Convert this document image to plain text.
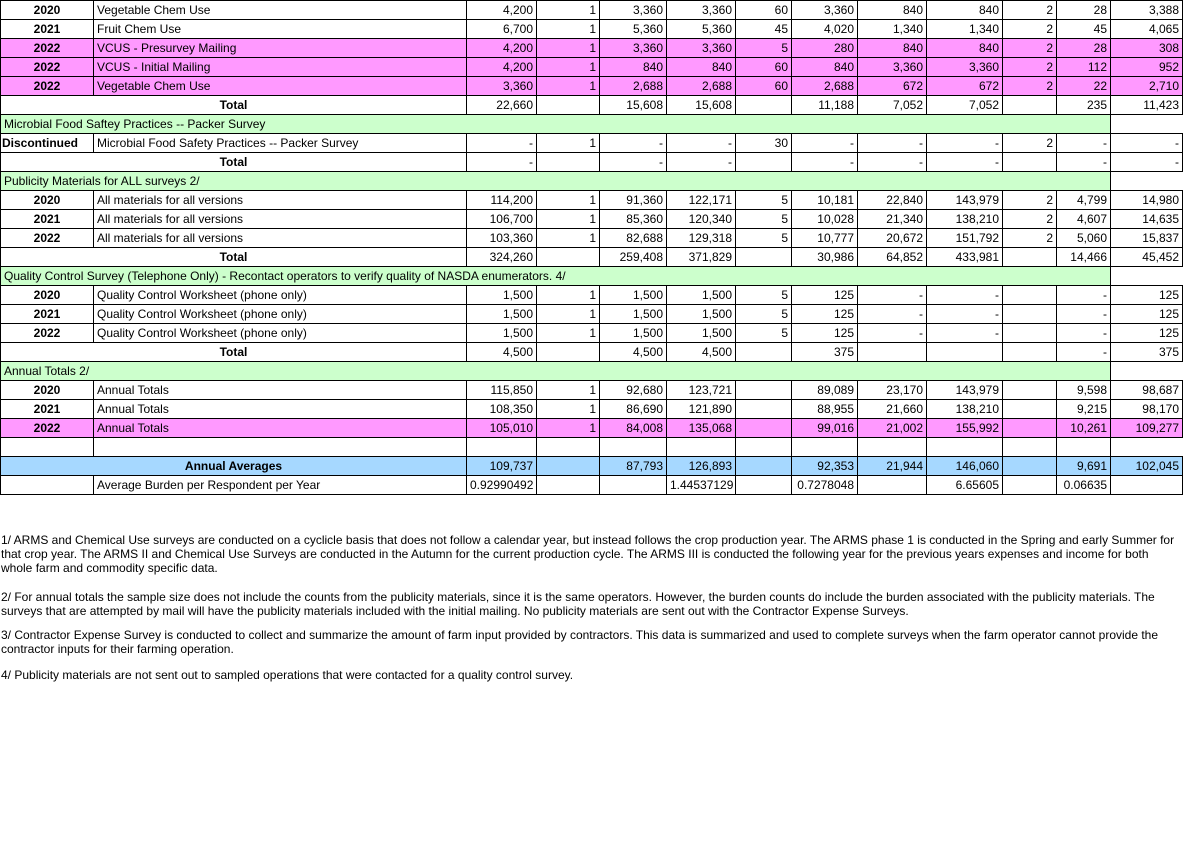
2020	Vegetable Chem Use	4,200	1	3,360	3,360	60	3,360	840	840	2	28	3,388
2021	Fruit Chem Use	6,700	1	5,360	5,360	45	4,020	1,340	1,340	2	45	4,065
2022	VCUS - Presurvey Mailing	4,200	1	3,360	3,360	5	280	840	840	2	28	308
2022	VCUS - Initial Mailing	4,200	1	840	840	60	840	3,360	3,360	2	112	952
2022	Vegetable Chem Use	3,360	1	2,688	2,688	60	2,688	672	672	2	22	2,710
Total		22,660		15,608	15,608		11,188	7,052	7,052		235	11,423
Microbial Food Saftey Practices -- Packer Survey												
Discontinued	Microbial Food Safety Practices -- Packer Survey	-	1	-	-	30	-	-	-	2	-	-
Total		-		-	-		-	-	-		-	-
Publicity Materials for ALL surveys 2/												
2020	All materials for all versions	114,200	1	91,360	122,171	5	10,181	22,840	143,979	2	4,799	14,980
2021	All materials for all versions	106,700	1	85,360	120,340	5	10,028	21,340	138,210	2	4,607	14,635
2022	All materials for all versions	103,360	1	82,688	129,318	5	10,777	20,672	151,792	2	5,060	15,837
Total		324,260		259,408	371,829		30,986	64,852	433,981		14,466	45,452
Quality Control Survey (Telephone Only) - Recontact operators to verify quality of NASDA enumerators. 4/												
2020	Quality Control Worksheet (phone only)	1,500	1	1,500	1,500	5	125	-	-		-	125
2021	Quality Control Worksheet (phone only)	1,500	1	1,500	1,500	5	125	-	-		-	125
2022	Quality Control Worksheet (phone only)	1,500	1	1,500	1,500	5	125	-	-		-	125
Total		4,500		4,500	4,500		375				-	375
Annual Totals 2/												
2020	Annual Totals	115,850	1	92,680	123,721		89,089	23,170	143,979		9,598	98,687
2021	Annual Totals	108,350	1	86,690	121,890		88,955	21,660	138,210		9,215	98,170
2022	Annual Totals	105,010	1	84,008	135,068		99,016	21,002	155,992		10,261	109,277

Annual Averages		109,737		87,793	126,893		92,353	21,944	146,060		9,691	102,045
	Average Burden per Respondent per Year	0.92990492			1.44537129		0.7278048		6.65605		0.06635	

1/ ARMS and Chemical Use surveys are conducted on a cyclicle basis that does not follow a calendar year, but instead follows the crop production year. The ARMS phase 1 is conducted in the Spring and early Summer for that crop year. The ARMS II and Chemical Use Surveys are conducted in the Autumn for the current production cycle. The ARMS III is conducted the following year for the previous years expenses and income for both whole farm and commodity specific data.

2/ For annual totals the sample size does not include the counts from the publicity materials, since it is the same operators. However, the burden counts do include the burden associated with the publicity materials. The surveys that are attempted by mail will have the publicity materials included with the initial mailing. No publicity materials are sent out with the Contractor Expense Surveys.

3/ Contractor Expense Survey is conducted to collect and summarize the amount of farm input provided by contractors. This data is summarized and used to complete surveys when the farm operator cannot provide the contractor inputs for their farming operation.

4/ Publicity materials are not sent out to sampled operations that were contacted for a quality control survey.
